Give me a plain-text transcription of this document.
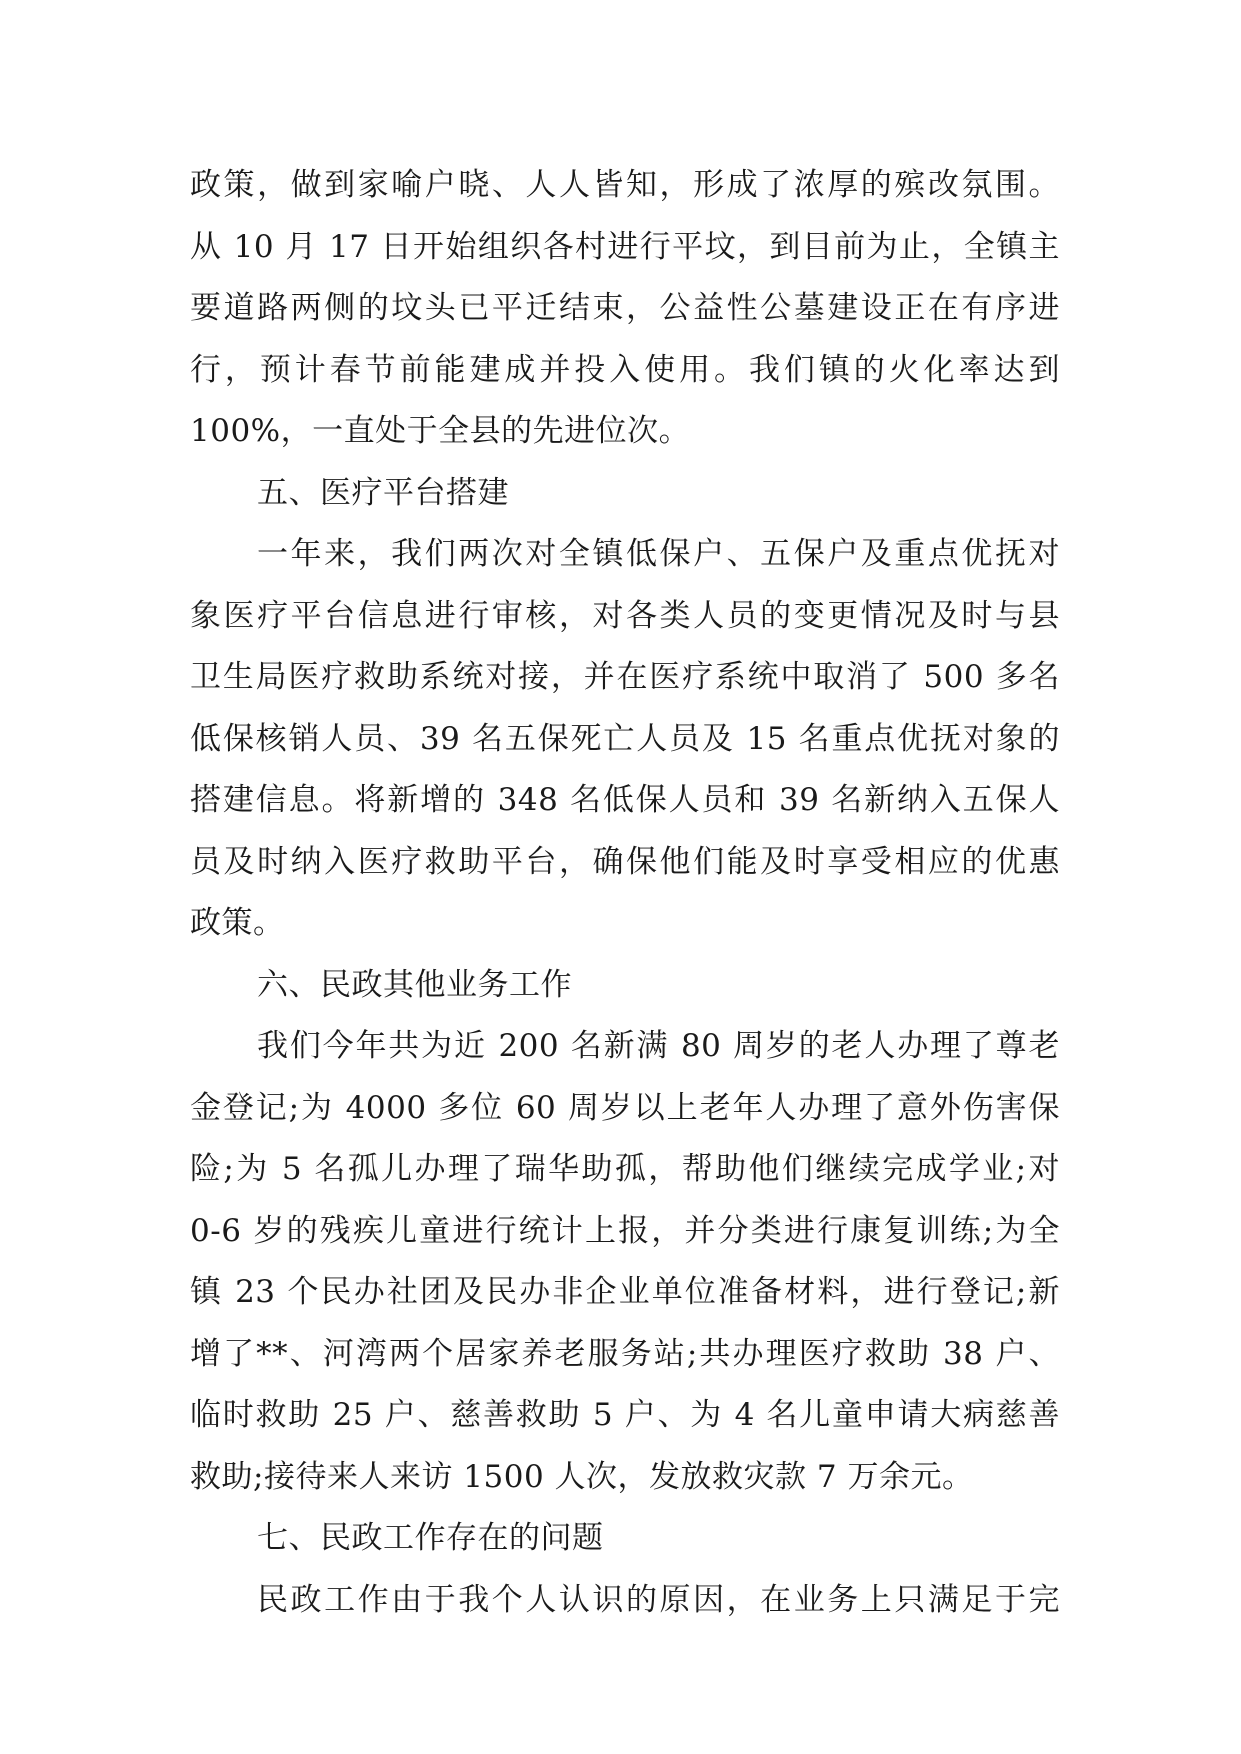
政策，做到家喻户晓、人人皆知，形成了浓厚的殡改氛围。
从 10 月 17 日开始组织各村进行平坟，到目前为止，全镇主
要道路两侧的坟头已平迁结束，公益性公墓建设正在有序进
行，预计春节前能建成并投入使用。我们镇的火化率达到
100%，一直处于全县的先进位次。
五、医疗平台搭建
一年来，我们两次对全镇低保户、五保户及重点优抚对
象医疗平台信息进行审核，对各类人员的变更情况及时与县
卫生局医疗救助系统对接，并在医疗系统中取消了 500 多名
低保核销人员、39 名五保死亡人员及 15 名重点优抚对象的
搭建信息。将新增的 348 名低保人员和 39 名新纳入五保人
员及时纳入医疗救助平台，确保他们能及时享受相应的优惠
政策。
六、民政其他业务工作
我们今年共为近 200 名新满 80 周岁的老人办理了尊老
金登记;为 4000 多位 60 周岁以上老年人办理了意外伤害保
险;为 5 名孤儿办理了瑞华助孤，帮助他们继续完成学业;对
0-6 岁的残疾儿童进行统计上报，并分类进行康复训练;为全
镇 23 个民办社团及民办非企业单位准备材料，进行登记;新
增了**、河湾两个居家养老服务站;共办理医疗救助 38 户、
临时救助 25 户、慈善救助 5 户、为 4 名儿童申请大病慈善
救助;接待来人来访 1500 人次，发放救灾款 7 万余元。
七、民政工作存在的问题
民政工作由于我个人认识的原因，在业务上只满足于完
